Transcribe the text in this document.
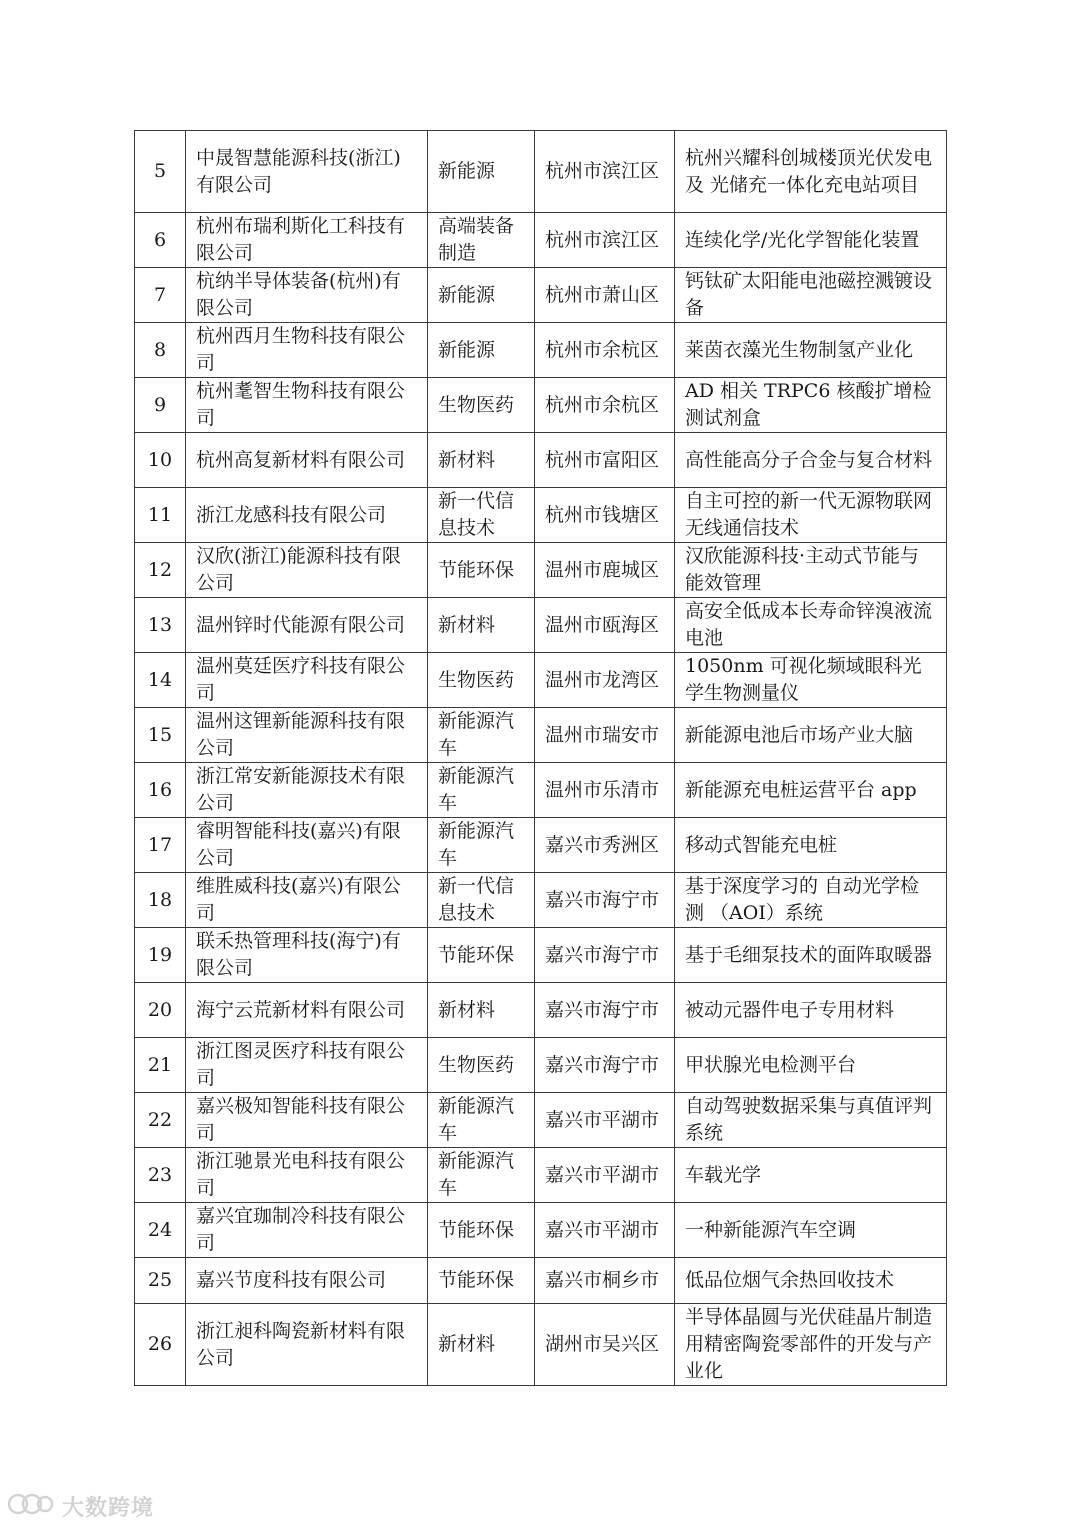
5	中晟智慧能源科技(浙江)有限公司	新能源	杭州市滨江区	杭州兴耀科创城楼顶光伏发电及 光储充一体化充电站项目
6	杭州布瑞利斯化工科技有限公司	高端装备制造	杭州市滨江区	连续化学/光化学智能化装置
7	杭纳半导体装备(杭州)有限公司	新能源	杭州市萧山区	钙钛矿太阳能电池磁控溅镀设备
8	杭州西月生物科技有限公司	新能源	杭州市余杭区	莱茵衣藻光生物制氢产业化
9	杭州耄智生物科技有限公司	生物医药	杭州市余杭区	AD 相关 TRPC6 核酸扩增检测试剂盒
10	杭州高复新材料有限公司	新材料	杭州市富阳区	高性能高分子合金与复合材料
11	浙江龙感科技有限公司	新一代信息技术	杭州市钱塘区	自主可控的新一代无源物联网无线通信技术
12	汉欣(浙江)能源科技有限公司	节能环保	温州市鹿城区	汉欣能源科技·主动式节能与能效管理
13	温州锌时代能源有限公司	新材料	温州市瓯海区	高安全低成本长寿命锌溴液流电池
14	温州莫廷医疗科技有限公司	生物医药	温州市龙湾区	1050nm 可视化频域眼科光学生物测量仪
15	温州这锂新能源科技有限公司	新能源汽车	温州市瑞安市	新能源电池后市场产业大脑
16	浙江常安新能源技术有限公司	新能源汽车	温州市乐清市	新能源充电桩运营平台 app
17	睿明智能科技(嘉兴)有限公司	新能源汽车	嘉兴市秀洲区	移动式智能充电桩
18	维胜威科技(嘉兴)有限公司	新一代信息技术	嘉兴市海宁市	基于深度学习的 自动光学检测 （AOI）系统
19	联禾热管理科技(海宁)有限公司	节能环保	嘉兴市海宁市	基于毛细泵技术的面阵取暖器
20	海宁云荒新材料有限公司	新材料	嘉兴市海宁市	被动元器件电子专用材料
21	浙江图灵医疗科技有限公司	生物医药	嘉兴市海宁市	甲状腺光电检测平台
22	嘉兴极知智能科技有限公司	新能源汽车	嘉兴市平湖市	自动驾驶数据采集与真值评判系统
23	浙江驰景光电科技有限公司	新能源汽车	嘉兴市平湖市	车载光学
24	嘉兴宜珈制冷科技有限公司	节能环保	嘉兴市平湖市	一种新能源汽车空调
25	嘉兴节度科技有限公司	节能环保	嘉兴市桐乡市	低品位烟气余热回收技术
26	浙江昶科陶瓷新材料有限公司	新材料	湖州市吴兴区	半导体晶圆与光伏硅晶片制造用精密陶瓷零部件的开发与产业化
大数跨境
